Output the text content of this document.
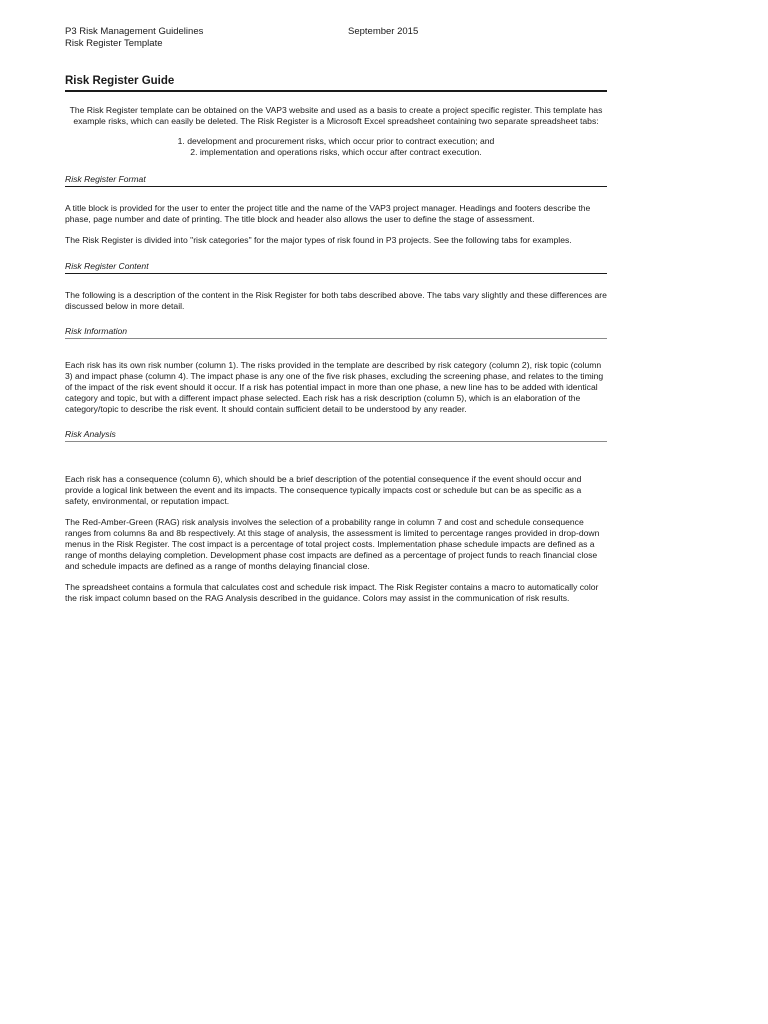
P3 Risk Management Guidelines
Risk Register Template
September 2015
Risk Register Guide

The Risk Register template can be obtained on the VAP3 website and used as a basis to create a project specific register. This template has example risks, which can easily be deleted. The Risk Register is a Microsoft Excel spreadsheet containing two separate spreadsheet tabs:

1. development and procurement risks, which occur prior to contract execution; and
2. implementation and operations risks, which occur after contract execution.
Risk Register Format

A title block is provided for the user to enter the project title and the name of the VAP3 project manager. Headings and footers describe the phase, page number and date of printing. The title block and header also allows the user to define the stage of assessment.

The Risk Register is divided into "risk categories" for the major types of risk found in P3 projects. See the following tabs for examples.

Risk Register Content

The following is a description of the content in the Risk Register for both tabs described above. The tabs vary slightly and these differences are discussed below in more detail.

Risk Information

Each risk has its own risk number (column 1). The risks provided in the template are described by risk category (column 2), risk topic (column 3) and impact phase (column 4). The impact phase is any one of the five risk phases, excluding the screening phase, and relates to the timing of the impact of the risk event should it occur. If a risk has potential impact in more than one phase, a new line has to be added with identical category and topic, but with a different impact phase selected. Each risk has a risk description (column 5), which is an elaboration of the category/topic to describe the risk event. It should contain sufficient detail to be understood by any reader.

Risk Analysis

Each risk has a consequence (column 6), which should be a brief description of the potential consequence if the event should occur and provide a logical link between the event and its impacts. The consequence typically impacts cost or schedule but can be as specific as a safety, environmental, or reputation impact.

The Red-Amber-Green (RAG) risk analysis involves the selection of a probability range in column 7 and cost and schedule consequence ranges from columns 8a and 8b respectively. At this stage of analysis, the assessment is limited to percentage ranges provided in drop-down menus in the Risk Register. The cost impact is a percentage of total project costs. Implementation phase schedule impacts are defined as a range of months delaying completion. Development phase cost impacts are defined as a percentage of project funds to reach financial close and schedule impacts are defined as a range of months delaying financial close.

The spreadsheet contains a formula that calculates cost and schedule risk impact. The Risk Register contains a macro to automatically color the risk impact column based on the RAG Analysis described in the guidance. Colors may assist in the communication of risk results.
